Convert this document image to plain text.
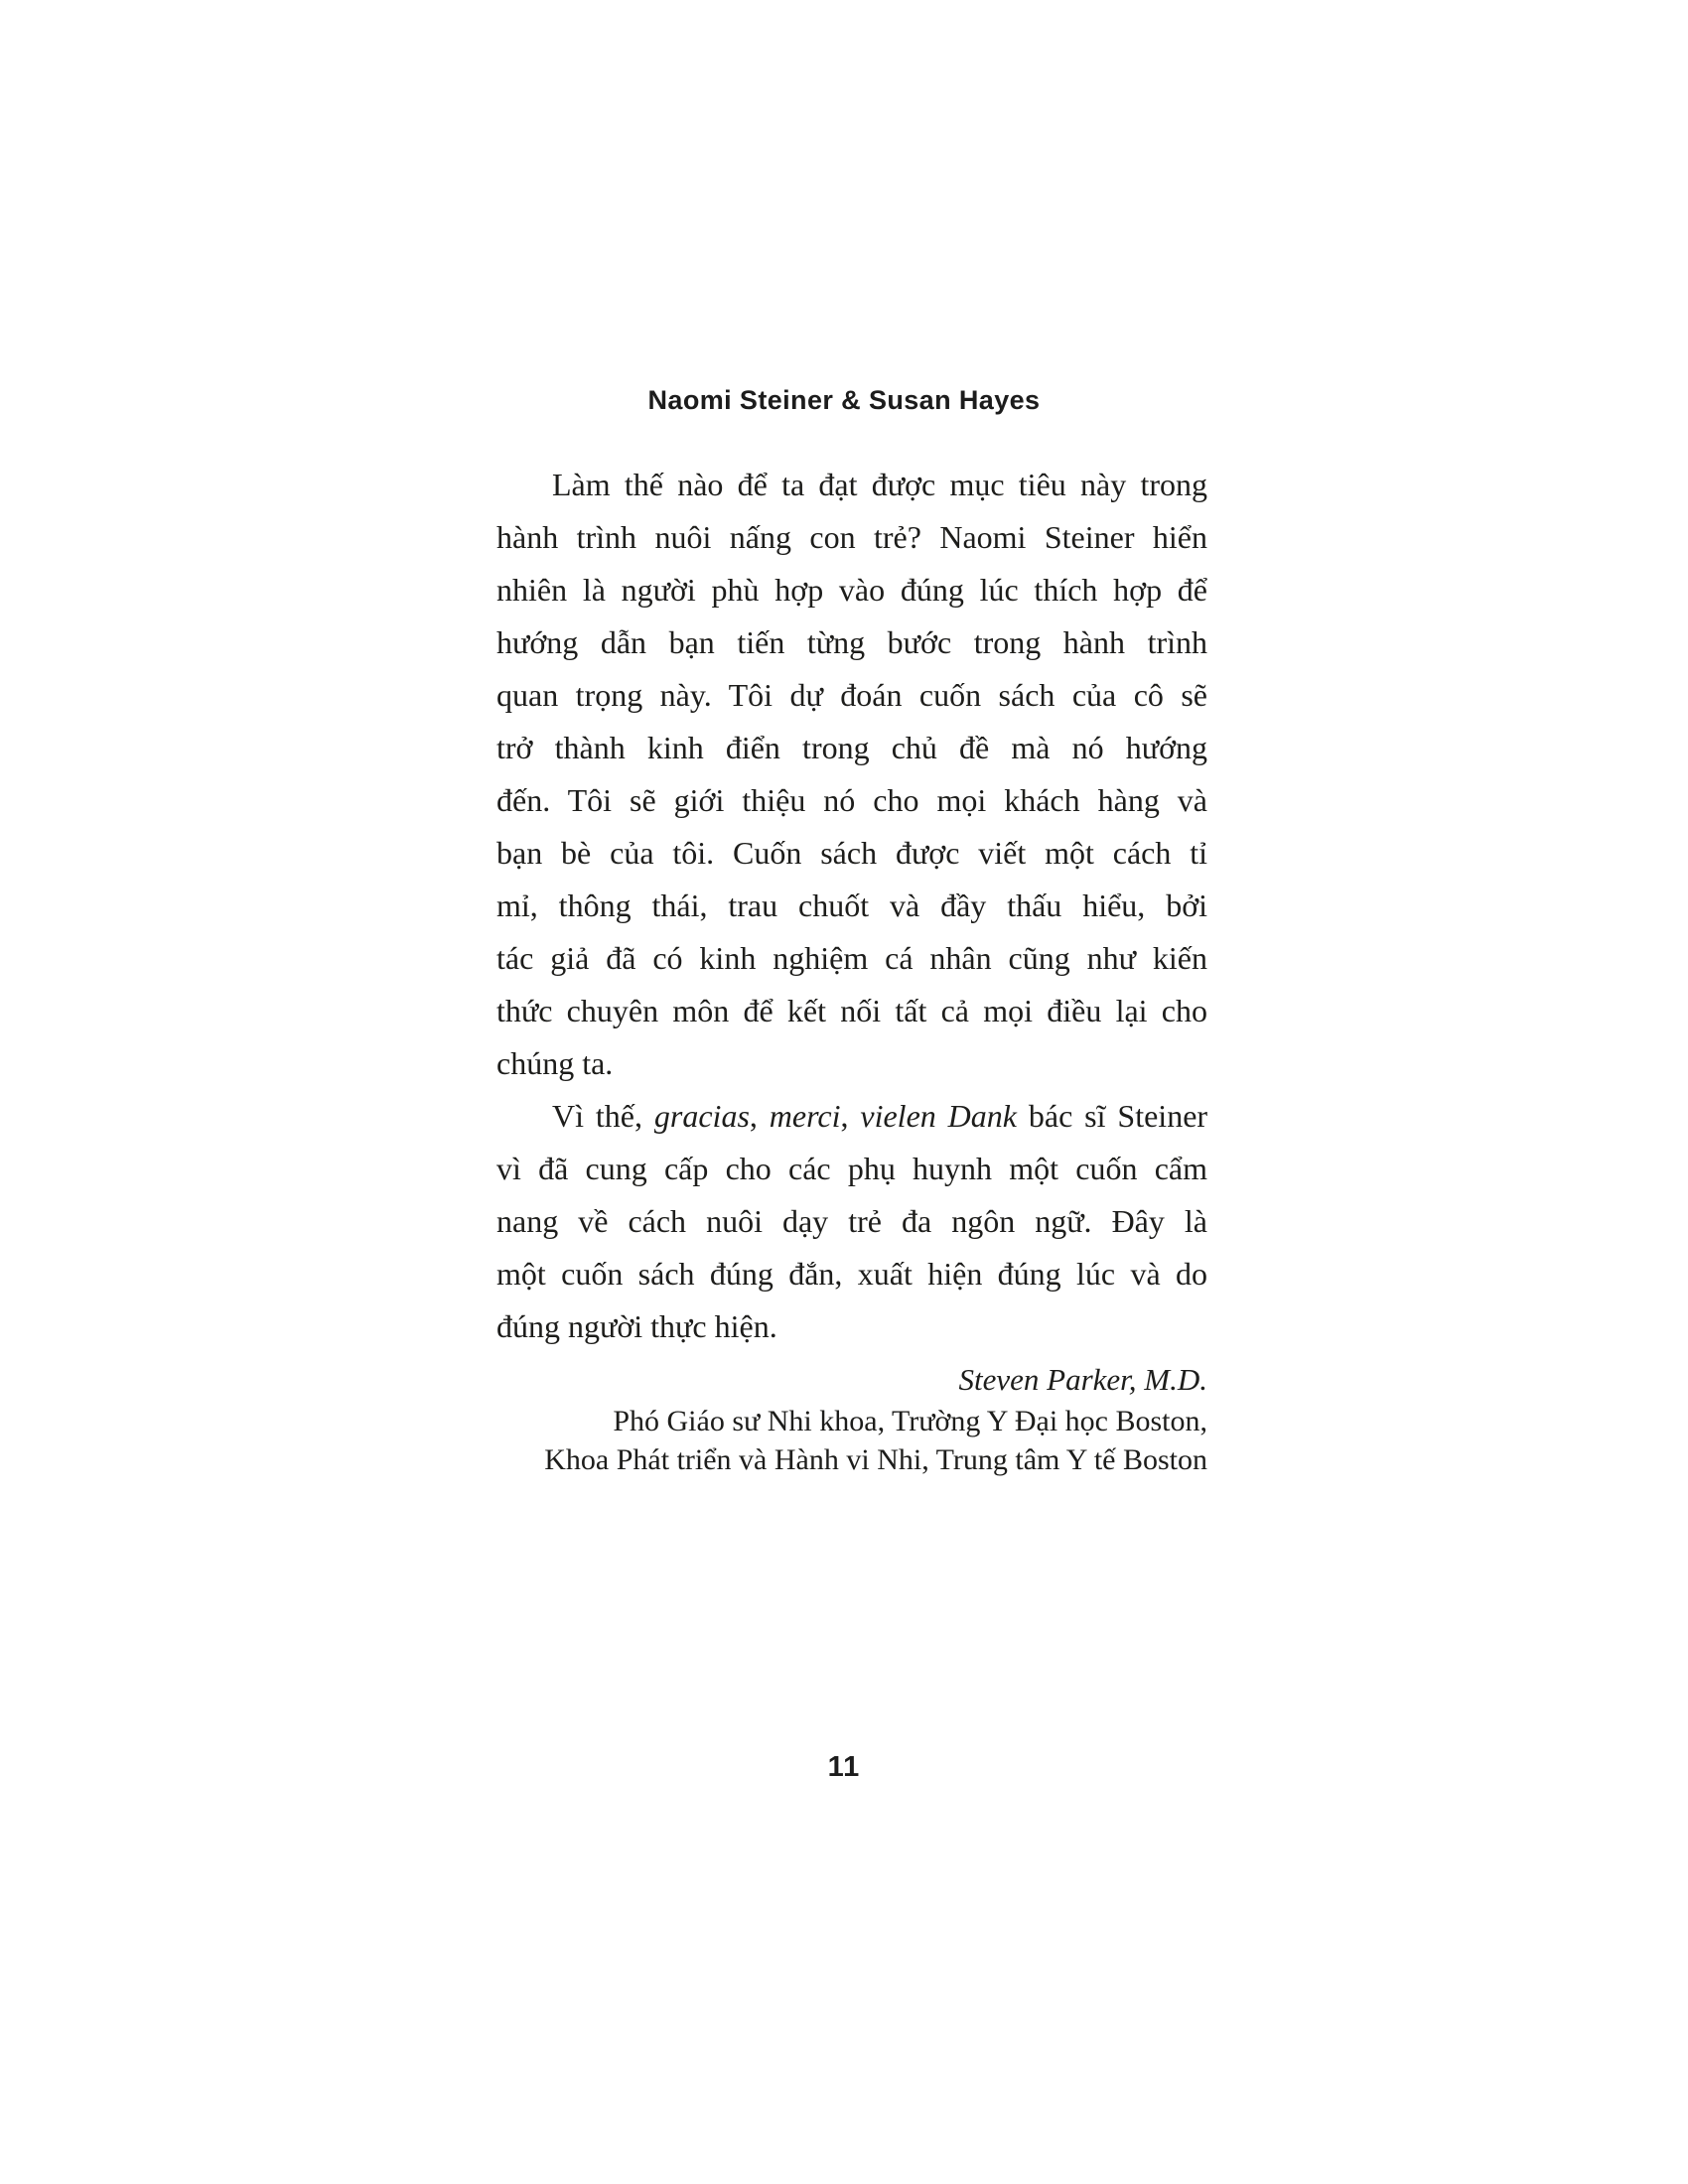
Naomi Steiner & Susan Hayes
Làm thế nào để ta đạt được mục tiêu này trong
hành trình nuôi nấng con trẻ? Naomi Steiner hiển
nhiên là người phù hợp vào đúng lúc thích hợp để
hướng dẫn bạn tiến từng bước trong hành trình
quan trọng này. Tôi dự đoán cuốn sách của cô sẽ
trở thành kinh điển trong chủ đề mà nó hướng
đến. Tôi sẽ giới thiệu nó cho mọi khách hàng và
bạn bè của tôi. Cuốn sách được viết một cách tỉ
mỉ, thông thái, trau chuốt và đầy thấu hiểu, bởi
tác giả đã có kinh nghiệm cá nhân cũng như kiến
thức chuyên môn để kết nối tất cả mọi điều lại cho
chúng ta.
Vì thế, gracias, merci, vielen Dank bác sĩ Steiner
vì đã cung cấp cho các phụ huynh một cuốn cẩm
nang về cách nuôi dạy trẻ đa ngôn ngữ. Đây là
một cuốn sách đúng đắn, xuất hiện đúng lúc và do
đúng người thực hiện.
Steven Parker, M.D.
Phó Giáo sư Nhi khoa, Trường Y Đại học Boston,
Khoa Phát triển và Hành vi Nhi, Trung tâm Y tế Boston
11
